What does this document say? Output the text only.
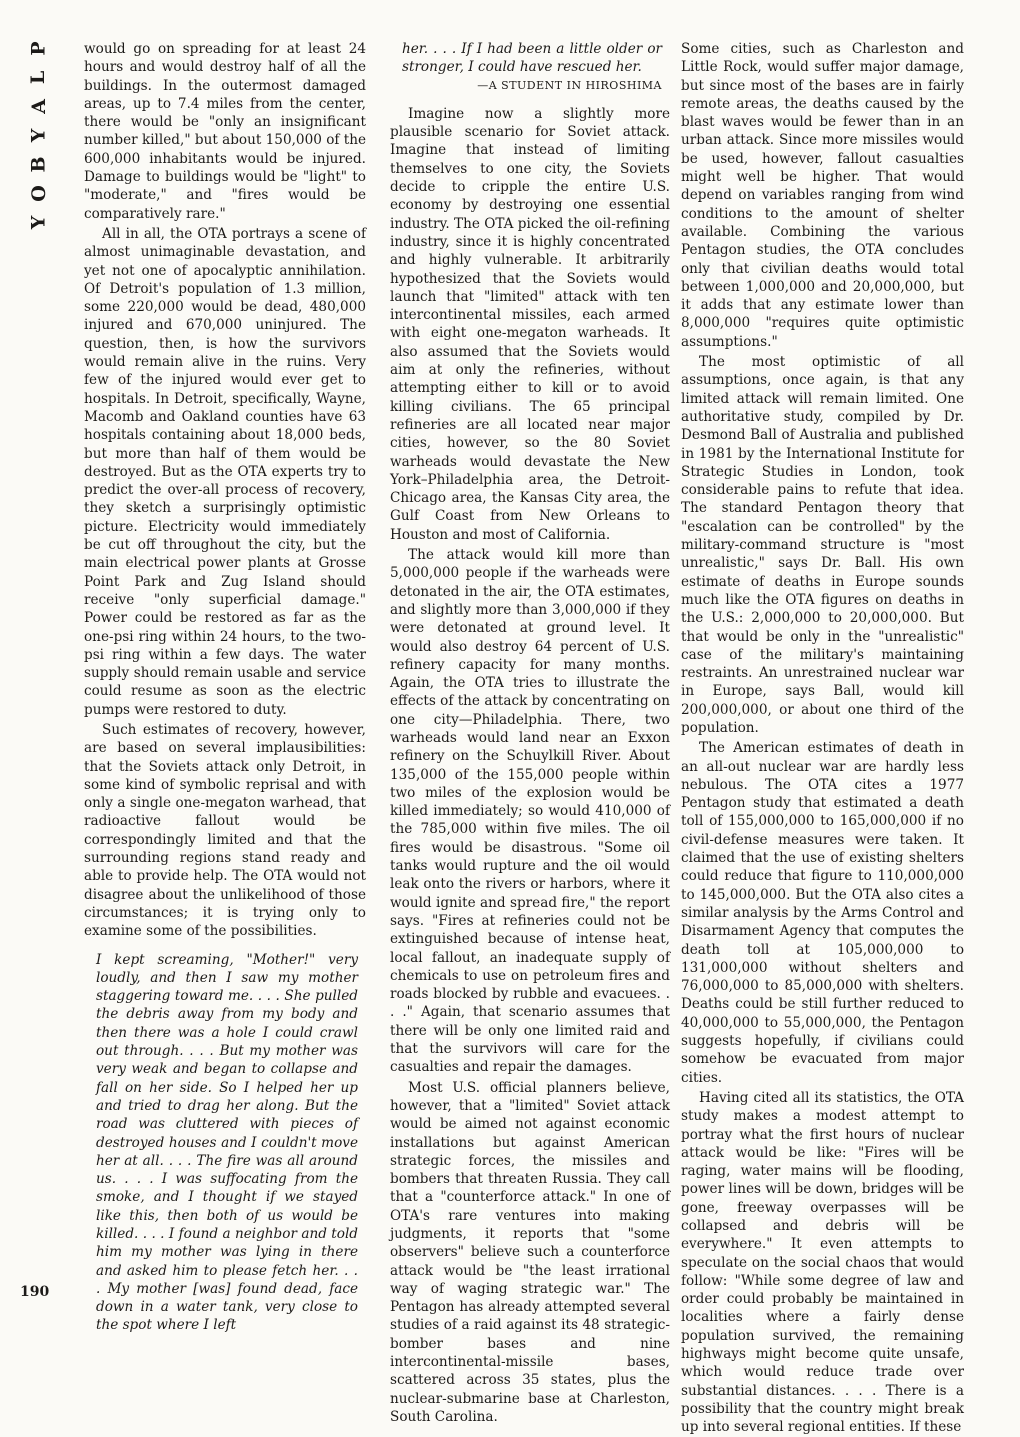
P
L
A
Y
B
O
Y
190

would go on spreading for at least 24 hours and would destroy half of all the buildings. In the outermost damaged areas, up to 7.4 miles from the center, there would be "only an insignificant number killed," but about 150,000 of the 600,000 inhabitants would be injured. Damage to buildings would be "light" to "moderate," and "fires would be comparatively rare."

All in all, the OTA portrays a scene of almost unimaginable devastation, and yet not one of apocalyptic annihilation. Of Detroit's population of 1.3 million, some 220,000 would be dead, 480,000 injured and 670,000 uninjured. The question, then, is how the survivors would remain alive in the ruins. Very few of the injured would ever get to hospitals. In Detroit, specifically, Wayne, Macomb and Oakland counties have 63 hospitals containing about 18,000 beds, but more than half of them would be destroyed. But as the OTA experts try to predict the over-all process of recovery, they sketch a surprisingly optimistic picture. Electricity would immediately be cut off throughout the city, but the main electrical power plants at Grosse Point Park and Zug Island should receive "only superficial damage." Power could be restored as far as the one-psi ring within 24 hours, to the two-psi ring within a few days. The water supply should remain usable and service could resume as soon as the electric pumps were restored to duty.

Such estimates of recovery, however, are based on several implausibilities: that the Soviets attack only Detroit, in some kind of symbolic reprisal and with only a single one-megaton warhead, that radioactive fallout would be correspondingly limited and that the surrounding regions stand ready and able to provide help. The OTA would not disagree about the unlikelihood of those circumstances; it is trying only to examine some of the possibilities.

I kept screaming, "Mother!" very loudly, and then I saw my mother staggering toward me. . . . She pulled the debris away from my body and then there was a hole I could crawl out through. . . . But my mother was very weak and began to collapse and fall on her side. So I helped her up and tried to drag her along. But the road was cluttered with pieces of destroyed houses and I couldn't move her at all. . . . The fire was all around us. . . . I was suffocating from the smoke, and I thought if we stayed like this, then both of us would be killed. . . . I found a neighbor and told him my mother was lying in there and asked him to please fetch her. . . . My mother [was] found dead, face down in a water tank, very close to the spot where I left
her. . . . If I had been a little older or stronger, I could have rescued her.
—A STUDENT IN HIROSHIMA

Imagine now a slightly more plausible scenario for Soviet attack. Imagine that instead of limiting themselves to one city, the Soviets decide to cripple the entire U.S. economy by destroying one essential industry. The OTA picked the oil-refining industry, since it is highly concentrated and highly vulnerable. It arbitrarily hypothesized that the Soviets would launch that "limited" attack with ten intercontinental missiles, each armed with eight one-megaton warheads. It also assumed that the Soviets would aim at only the refineries, without attempting either to kill or to avoid killing civilians. The 65 principal refineries are all located near major cities, however, so the 80 Soviet warheads would devastate the New York–Philadelphia area, the Detroit-Chicago area, the Kansas City area, the Gulf Coast from New Orleans to Houston and most of California.

The attack would kill more than 5,000,000 people if the warheads were detonated in the air, the OTA estimates, and slightly more than 3,000,000 if they were detonated at ground level. It would also destroy 64 percent of U.S. refinery capacity for many months. Again, the OTA tries to illustrate the effects of the attack by concentrating on one city—Philadelphia. There, two warheads would land near an Exxon refinery on the Schuylkill River. About 135,000 of the 155,000 people within two miles of the explosion would be killed immediately; so would 410,000 of the 785,000 within five miles. The oil fires would be disastrous. "Some oil tanks would rupture and the oil would leak onto the rivers or harbors, where it would ignite and spread fire," the report says. "Fires at refineries could not be extinguished because of intense heat, local fallout, an inadequate supply of chemicals to use on petroleum fires and roads blocked by rubble and evacuees. . . ." Again, that scenario assumes that there will be only one limited raid and that the survivors will care for the casualties and repair the damages.

Most U.S. official planners believe, however, that a "limited" Soviet attack would be aimed not against economic installations but against American strategic forces, the missiles and bombers that threaten Russia. They call that a "counterforce attack." In one of OTA's rare ventures into making judgments, it reports that "some observers" believe such a counterforce attack would be "the least irrational way of waging strategic war." The Pentagon has already attempted several studies of a raid against its 48 strategic-bomber bases and nine intercontinental-missile bases, scattered across 35 states, plus the nuclear-submarine base at Charleston, South Carolina.

Some cities, such as Charleston and Little Rock, would suffer major damage, but since most of the bases are in fairly remote areas, the deaths caused by the blast waves would be fewer than in an urban attack. Since more missiles would be used, however, fallout casualties might well be higher. That would depend on variables ranging from wind conditions to the amount of shelter available. Combining the various Pentagon studies, the OTA concludes only that civilian deaths would total between 1,000,000 and 20,000,000, but it adds that any estimate lower than 8,000,000 "requires quite optimistic assumptions."

The most optimistic of all assumptions, once again, is that any limited attack will remain limited. One authoritative study, compiled by Dr. Desmond Ball of Australia and published in 1981 by the International Institute for Strategic Studies in London, took considerable pains to refute that idea. The standard Pentagon theory that "escalation can be controlled" by the military-command structure is "most unrealistic," says Dr. Ball. His own estimate of deaths in Europe sounds much like the OTA figures on deaths in the U.S.: 2,000,000 to 20,000,000. But that would be only in the "unrealistic" case of the military's maintaining restraints. An unrestrained nuclear war in Europe, says Ball, would kill 200,000,000, or about one third of the population.

The American estimates of death in an all-out nuclear war are hardly less nebulous. The OTA cites a 1977 Pentagon study that estimated a death toll of 155,000,000 to 165,000,000 if no civil-defense measures were taken. It claimed that the use of existing shelters could reduce that figure to 110,000,000 to 145,000,000. But the OTA also cites a similar analysis by the Arms Control and Disarmament Agency that computes the death toll at 105,000,000 to 131,000,000 without shelters and 76,000,000 to 85,000,000 with shelters. Deaths could be still further reduced to 40,000,000 to 55,000,000, the Pentagon suggests hopefully, if civilians could somehow be evacuated from major cities.

Having cited all its statistics, the OTA study makes a modest attempt to portray what the first hours of nuclear attack would be like: "Fires will be raging, water mains will be flooding, power lines will be down, bridges will be gone, freeway overpasses will be collapsed and debris will be everywhere." It even attempts to speculate on the social chaos that would follow: "While some degree of law and order could probably be maintained in localities where a fairly dense population survived, the remaining highways might become quite unsafe, which would reduce trade over substantial distances. . . . There is a possibility that the country might break up into several regional entities. If these
